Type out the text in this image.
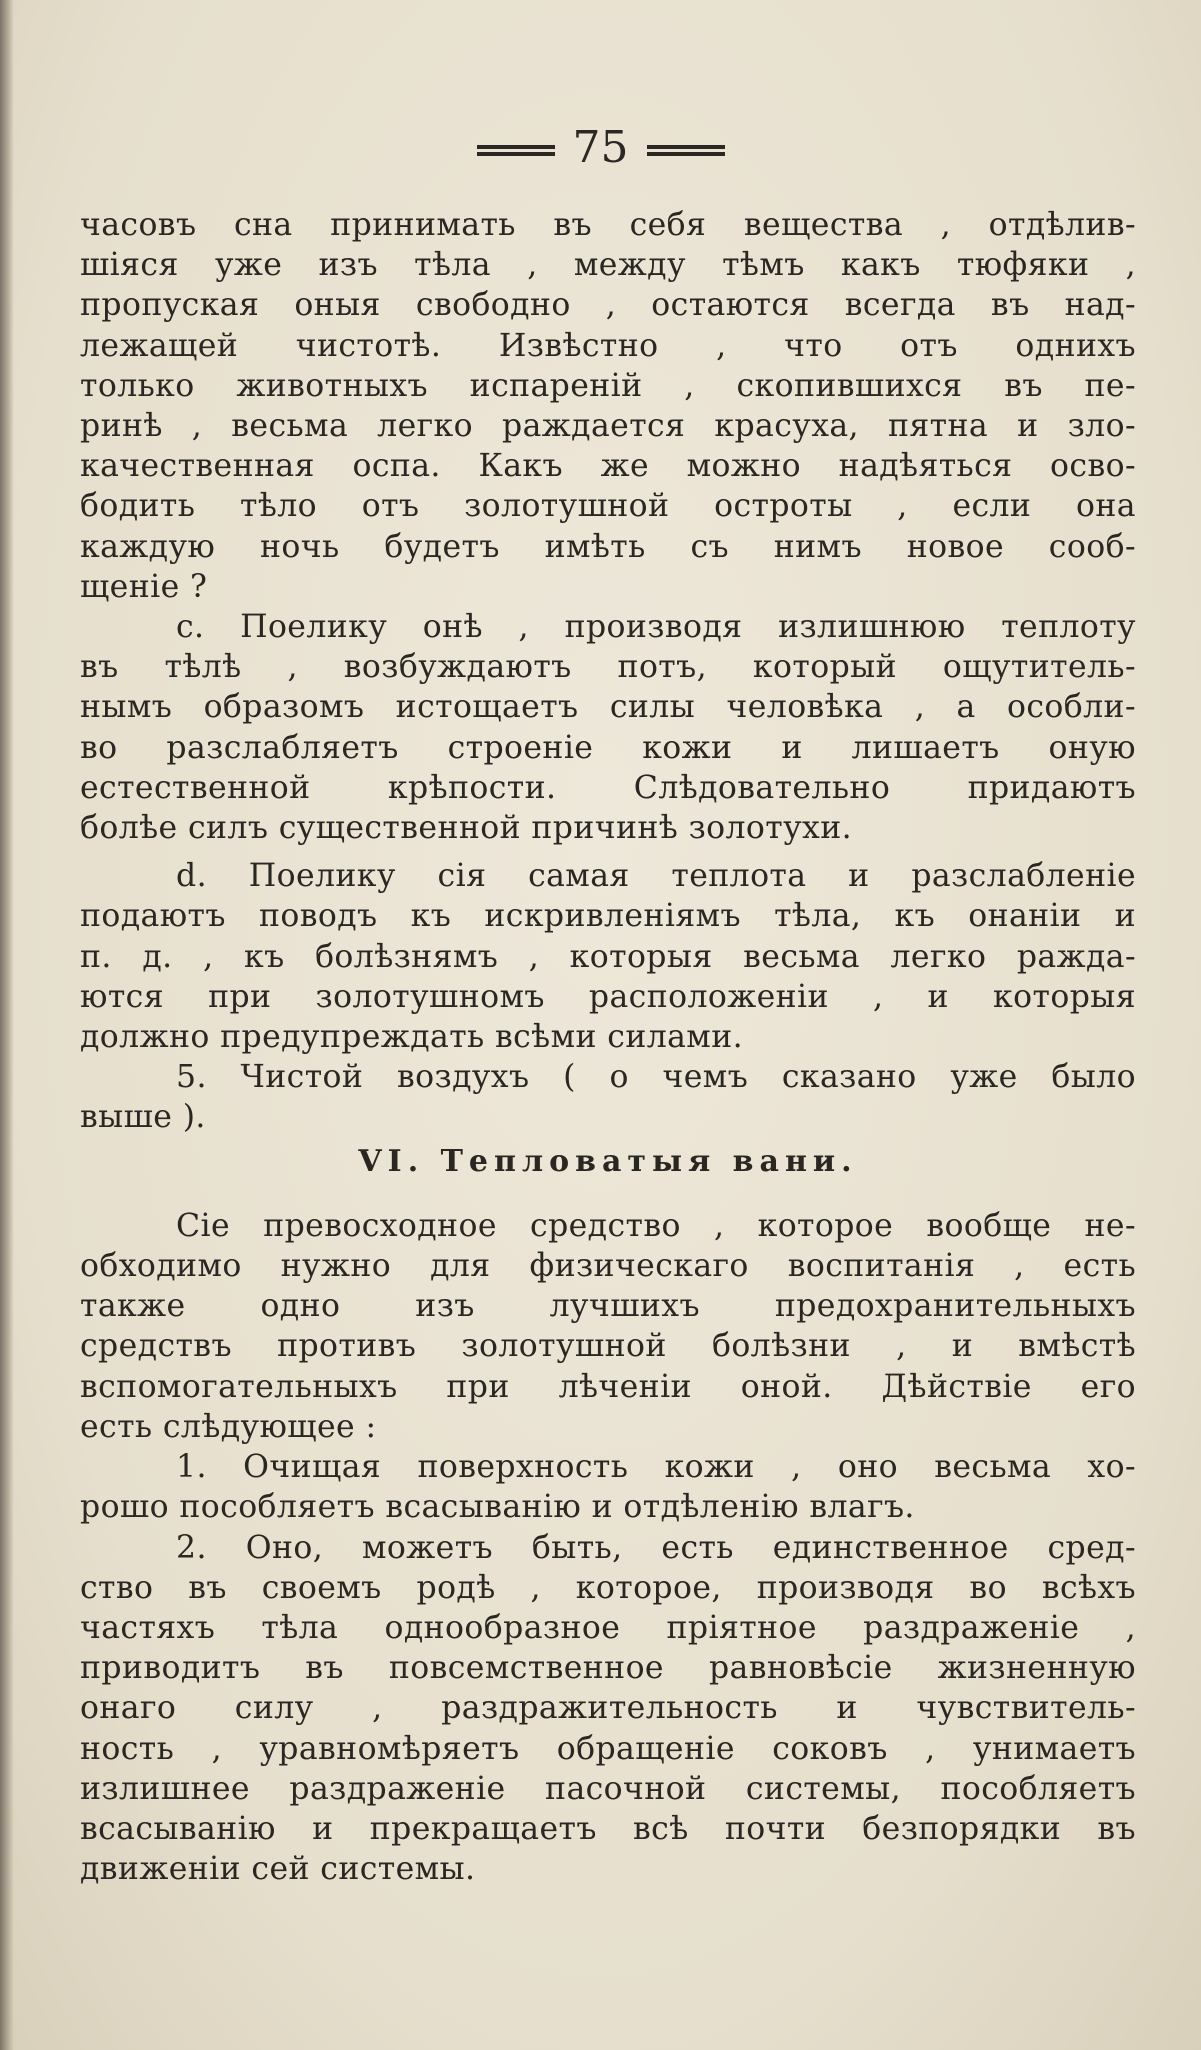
75
часовъ сна принимать въ себя вещества , отдѣлив-
шіяся уже изъ тѣла , между тѣмъ какъ тюфяки ,
пропуская оныя свободно , остаются всегда въ над-
лежащей чистотѣ. Извѣстно , что отъ однихъ
только животныхъ испареній , скопившихся въ пе-
ринѣ , весьма легко раждается красуха, пятна и зло-
качественная оспа. Какъ же можно надѣяться осво-
бодить тѣло отъ золотушной остроты , если она
каждую ночь будетъ имѣть съ нимъ новое сооб-
щеніе ?
c. Поелику онѣ , производя излишнюю теплоту
въ тѣлѣ , возбуждаютъ потъ, который ощутитель-
нымъ образомъ истощаетъ силы человѣка , а особли-
во разслабляетъ строеніе кожи и лишаетъ оную
естественной крѣпости. Слѣдовательно придаютъ
болѣе силъ существенной причинѣ золотухи.
d. Поелику сія самая теплота и разслабленіе
подаютъ поводъ къ искривленіямъ тѣла, къ онаніи и
п. д. , къ болѣзнямъ , которыя весьма легко ражда-
ются при золотушномъ расположеніи , и которыя
должно предупреждать всѣми силами.
5. Чистой воздухъ ( о чемъ сказано уже было
выше ).
VI. Тепловатыя вани.
Сіе превосходное средство , которое вообще не-
обходимо нужно для физическаго воспитанія , есть
также одно изъ лучшихъ предохранительныхъ
средствъ противъ золотушной болѣзни , и вмѣстѣ
вспомогательныхъ при лѣченіи оной. Дѣйствіе его
есть слѣдующее :
1. Очищая поверхность кожи , оно весьма хо-
рошо пособляетъ всасыванію и отдѣленію влагъ.
2. Оно, можетъ быть, есть единственное сред-
ство въ своемъ родѣ , которое, производя во всѣхъ
частяхъ тѣла однообразное пріятное раздраженіе ,
приводитъ въ повсемственное равновѣсіе жизненную
онаго силу , раздражительность и чувствитель-
ность , уравномѣряетъ обращеніе соковъ , унимаетъ
излишнее раздраженіе пасочной системы, пособляетъ
всасыванію и прекращаетъ всѣ почти безпорядки въ
движеніи сей системы.
